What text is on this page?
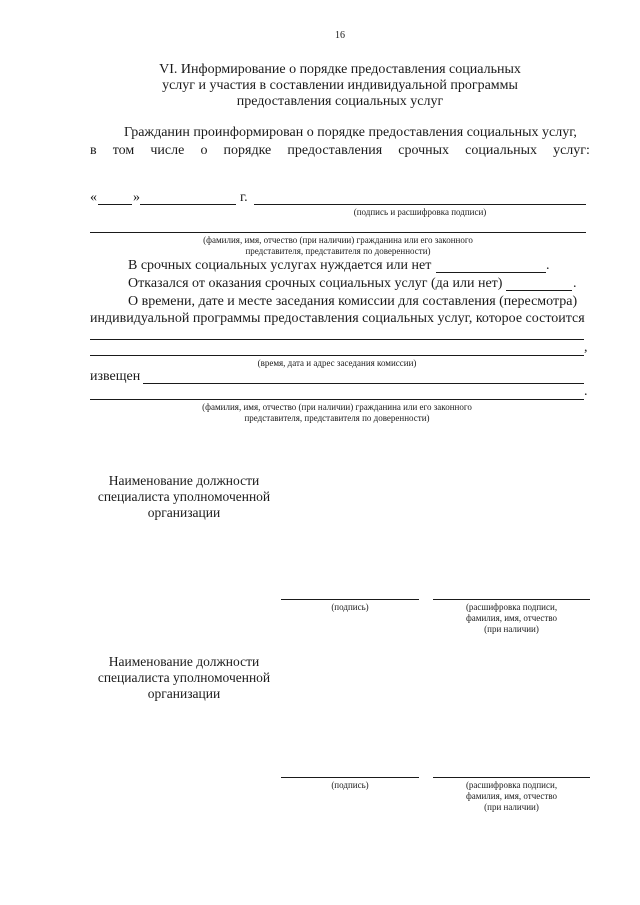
16
VI. Информирование о порядке предоставления социальных
услуг и участия в составлении индивидуальной программы
предоставления социальных услуг
Гражданин проинформирован о порядке предоставления социальных услуг,
в том числе о порядке предоставления срочных социальных услуг:
«	»	г.
(подпись и расшифровка подписи)
(фамилия, имя, отчество (при наличии) гражданина или его законного
представителя, представителя по доверенности)
В срочных социальных услугах нуждается или нет	.
Отказался от оказания срочных социальных услуг (да или нет)	.
О времени, дате и месте заседания комиссии для составления (пересмотра)
индивидуальной программы предоставления социальных услуг, которое состоится
,
(время, дата и адрес заседания комиссии)
извещен
.
(фамилия, имя, отчество (при наличии) гражданина или его законного
представителя, представителя по доверенности)
Наименование должности
специалиста уполномоченной
организации
(подпись)	(расшифровка подписи,
фамилия, имя, отчество
(при наличии)
Наименование должности
специалиста уполномоченной
организации
(подпись)	(расшифровка подписи,
фамилия, имя, отчество
(при наличии)
